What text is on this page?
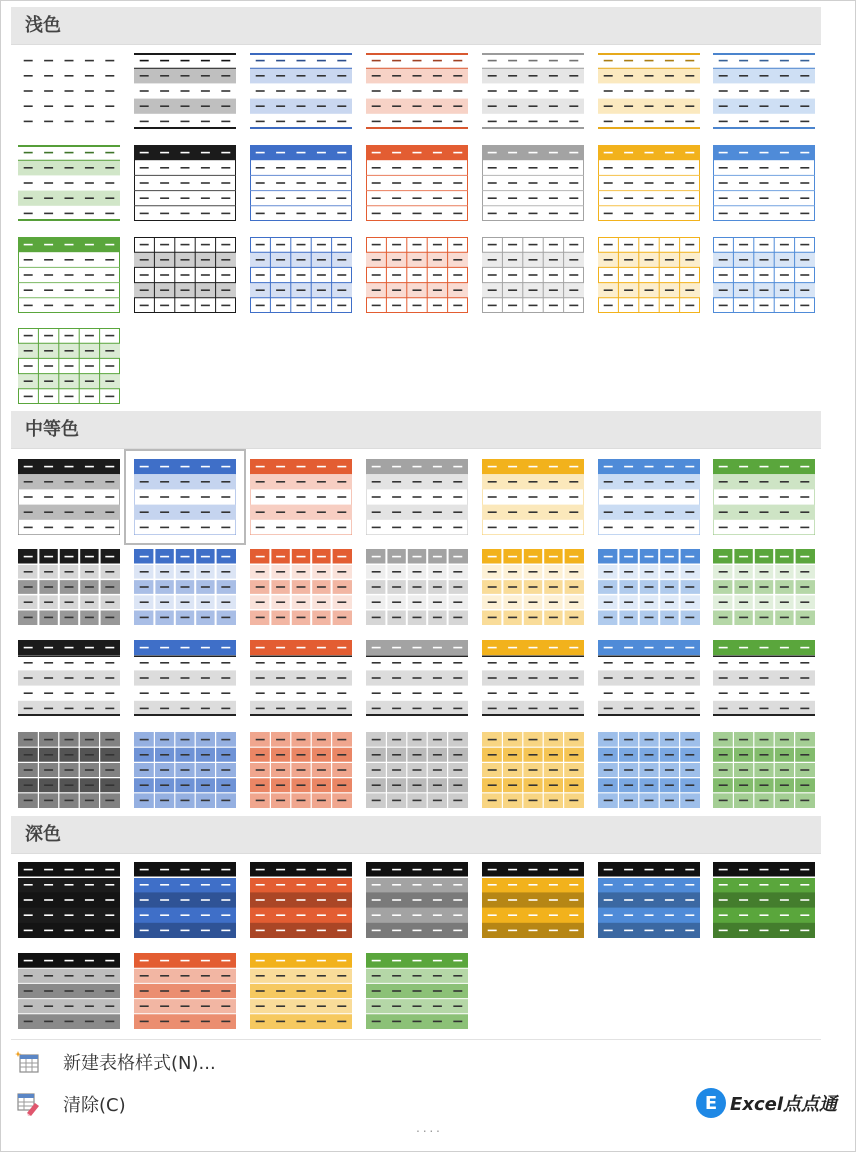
浅色
中等色
深色
新建表格样式(N)...
清除(C)	E Excel点点通
····
